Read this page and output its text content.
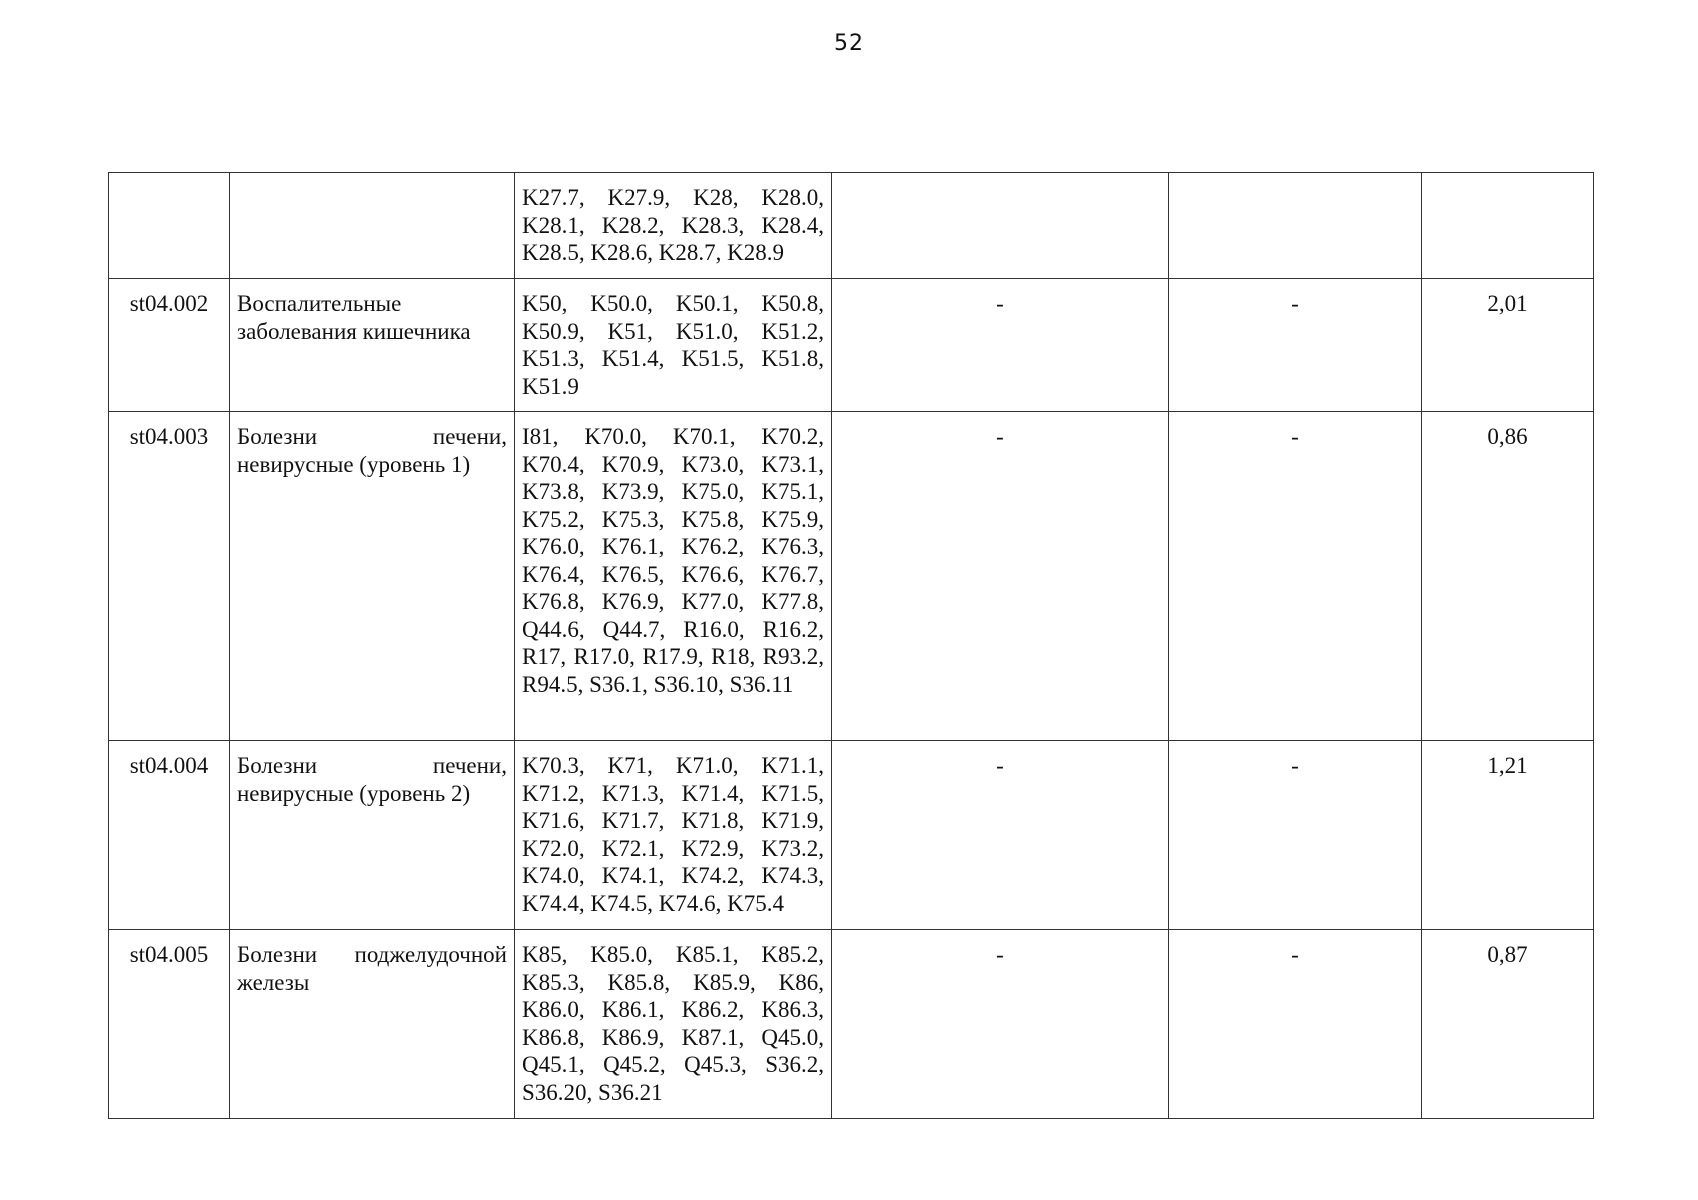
52
		K27.7, K27.9, K28, K28.0, K28.1, K28.2, K28.3, K28.4, K28.5, K28.6, K28.7, K28.9			
st04.002	Воспалительные заболевания кишечника	K50, K50.0, K50.1, K50.8, K50.9, K51, K51.0, K51.2, K51.3, K51.4, K51.5, K51.8, K51.9	-	-	2,01
st04.003	Болезни печени, невирусные (уровень 1)	I81, K70.0, K70.1, K70.2, K70.4, K70.9, K73.0, K73.1, K73.8, K73.9, K75.0, K75.1, K75.2, K75.3, K75.8, K75.9, K76.0, K76.1, K76.2, K76.3, K76.4, K76.5, K76.6, K76.7, K76.8, K76.9, K77.0, K77.8, Q44.6, Q44.7, R16.0, R16.2, R17, R17.0, R17.9, R18, R93.2, R94.5, S36.1, S36.10, S36.11	-	-	0,86
st04.004	Болезни печени, невирусные (уровень 2)	K70.3, K71, K71.0, K71.1, K71.2, K71.3, K71.4, K71.5, K71.6, K71.7, K71.8, K71.9, K72.0, K72.1, K72.9, K73.2, K74.0, K74.1, K74.2, K74.3, K74.4, K74.5, K74.6, K75.4	-	-	1,21
st04.005	Болезни поджелудочной железы	K85, K85.0, K85.1, K85.2, K85.3, K85.8, K85.9, K86, K86.0, K86.1, K86.2, K86.3, K86.8, K86.9, K87.1, Q45.0, Q45.1, Q45.2, Q45.3, S36.2, S36.20, S36.21	-	-	0,87
